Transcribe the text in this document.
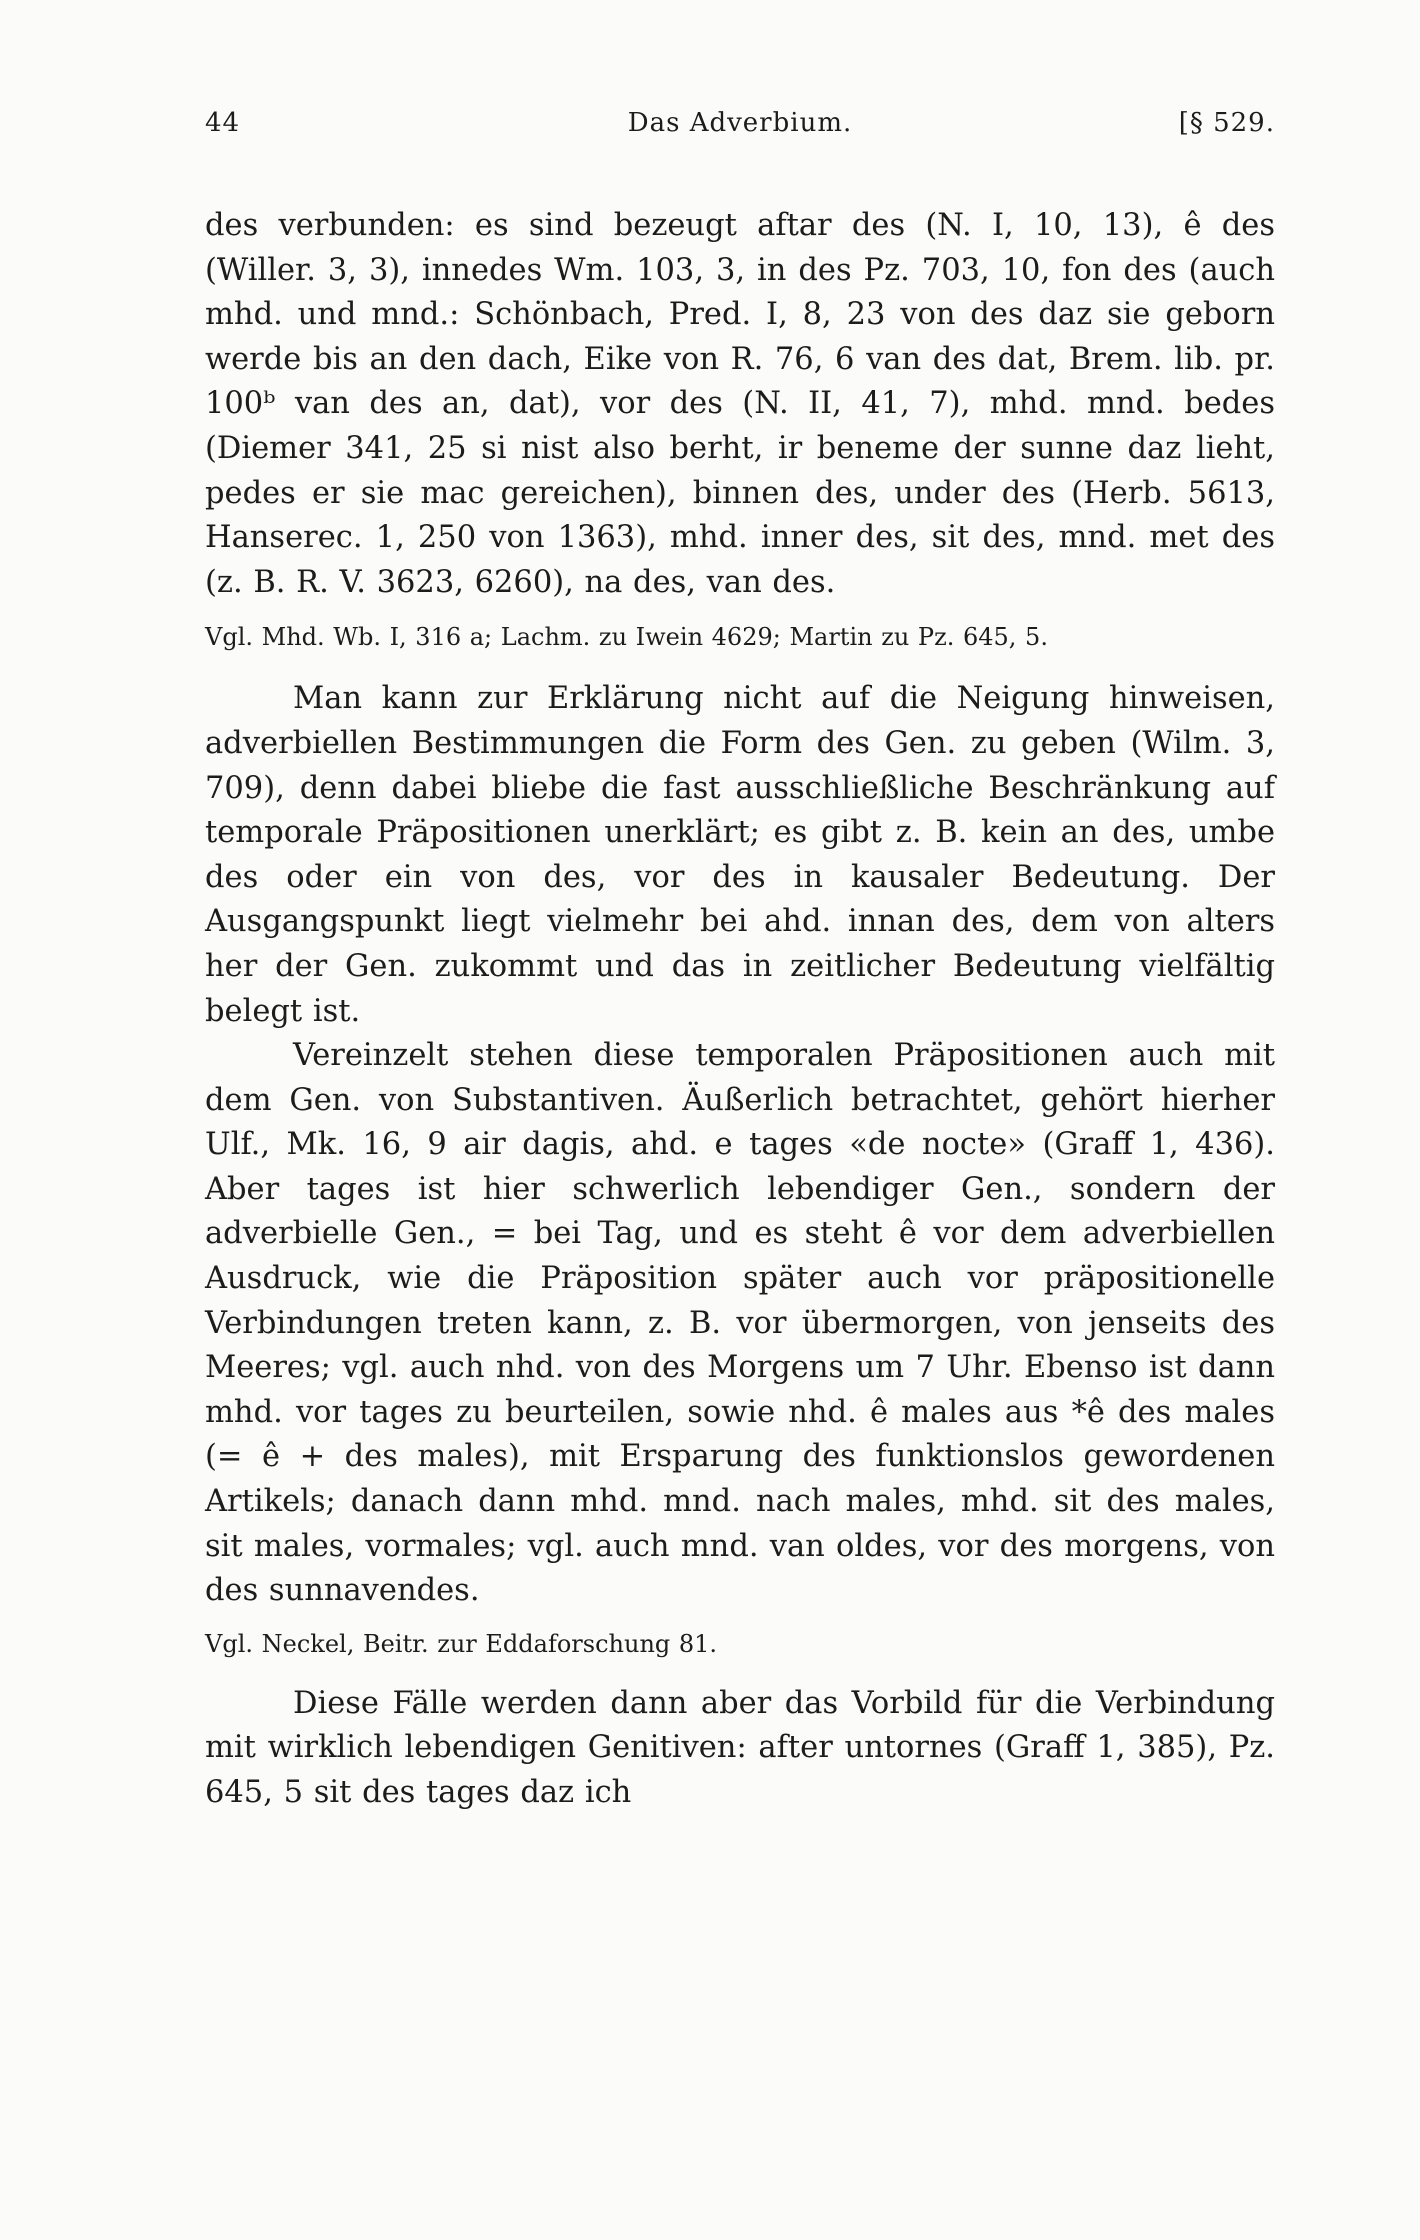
44	Das Adverbium.	[§ 529.

des verbunden: es sind bezeugt aftar des (N. I, 10, 13), ê des (Willer. 3, 3), innedes Wm. 103, 3, in des Pz. 703, 10, fon des (auch mhd. und mnd.: Schönbach, Pred. I, 8, 23 von des daz sie geborn werde bis an den dach, Eike von R. 76, 6 van des dat, Brem. lib. pr. 100ᵇ van des an, dat), vor des (N. II, 41, 7), mhd. mnd. bedes (Diemer 341, 25 si nist also berht, ir beneme der sunne daz lieht, pedes er sie mac gereichen), binnen des, under des (Herb. 5613, Hanserec. 1, 250 von 1363), mhd. inner des, sit des, mnd. met des (z. B. R. V. 3623, 6260), na des, van des.

Vgl. Mhd. Wb. I, 316 a; Lachm. zu Iwein 4629; Martin zu Pz. 645, 5.

Man kann zur Erklärung nicht auf die Neigung hinweisen, adverbiellen Bestimmungen die Form des Gen. zu geben (Wilm. 3, 709), denn dabei bliebe die fast ausschließliche Beschränkung auf temporale Präpositionen unerklärt; es gibt z. B. kein an des, umbe des oder ein von des, vor des in kausaler Bedeutung. Der Ausgangspunkt liegt vielmehr bei ahd. innan des, dem von alters her der Gen. zukommt und das in zeitlicher Bedeutung vielfältig belegt ist.

Vereinzelt stehen diese temporalen Präpositionen auch mit dem Gen. von Substantiven. Äußerlich betrachtet, gehört hierher Ulf., Mk. 16, 9 air dagis, ahd. e tages «de nocte» (Graff 1, 436). Aber tages ist hier schwerlich lebendiger Gen., sondern der adverbielle Gen., = bei Tag, und es steht ê vor dem adverbiellen Ausdruck, wie die Präposition später auch vor präpositionelle Verbindungen treten kann, z. B. vor übermorgen, von jenseits des Meeres; vgl. auch nhd. von des Morgens um 7 Uhr. Ebenso ist dann mhd. vor tages zu beurteilen, sowie nhd. ê males aus *ê des males (= ê + des males), mit Ersparung des funktionslos gewordenen Artikels; danach dann mhd. mnd. nach males, mhd. sit des males, sit males, vormales; vgl. auch mnd. van oldes, vor des morgens, von des sunnavendes.

Vgl. Neckel, Beitr. zur Eddaforschung 81.

Diese Fälle werden dann aber das Vorbild für die Verbindung mit wirklich lebendigen Genitiven: after untornes (Graff 1, 385), Pz. 645, 5 sit des tages daz ich
